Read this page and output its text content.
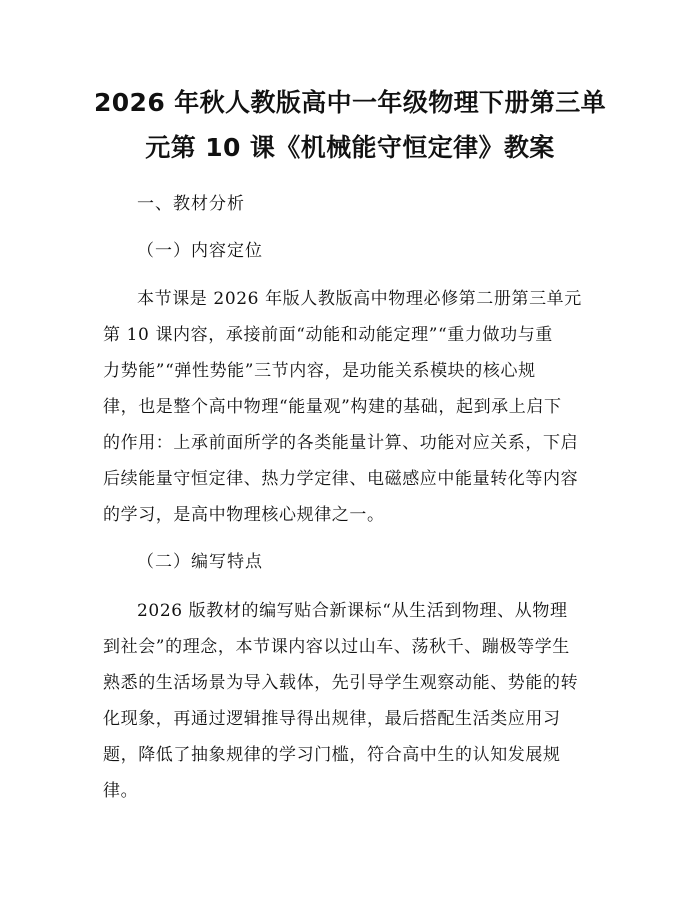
2026 年秋人教版高中一年级物理下册第三单
元第 10 课《机械能守恒定律》教案
一、教材分析
（一）内容定位
本节课是 2026 年版人教版高中物理必修第二册第三单元
第 10 课内容，承接前面“动能和动能定理”“重力做功与重
力势能”“弹性势能”三节内容，是功能关系模块的核心规
律，也是整个高中物理“能量观”构建的基础，起到承上启下
的作用：上承前面所学的各类能量计算、功能对应关系，下启
后续能量守恒定律、热力学定律、电磁感应中能量转化等内容
的学习，是高中物理核心规律之一。
（二）编写特点
2026 版教材的编写贴合新课标“从生活到物理、从物理
到社会”的理念，本节课内容以过山车、荡秋千、蹦极等学生
熟悉的生活场景为导入载体，先引导学生观察动能、势能的转
化现象，再通过逻辑推导得出规律，最后搭配生活类应用习
题，降低了抽象规律的学习门槛，符合高中生的认知发展规
律。
